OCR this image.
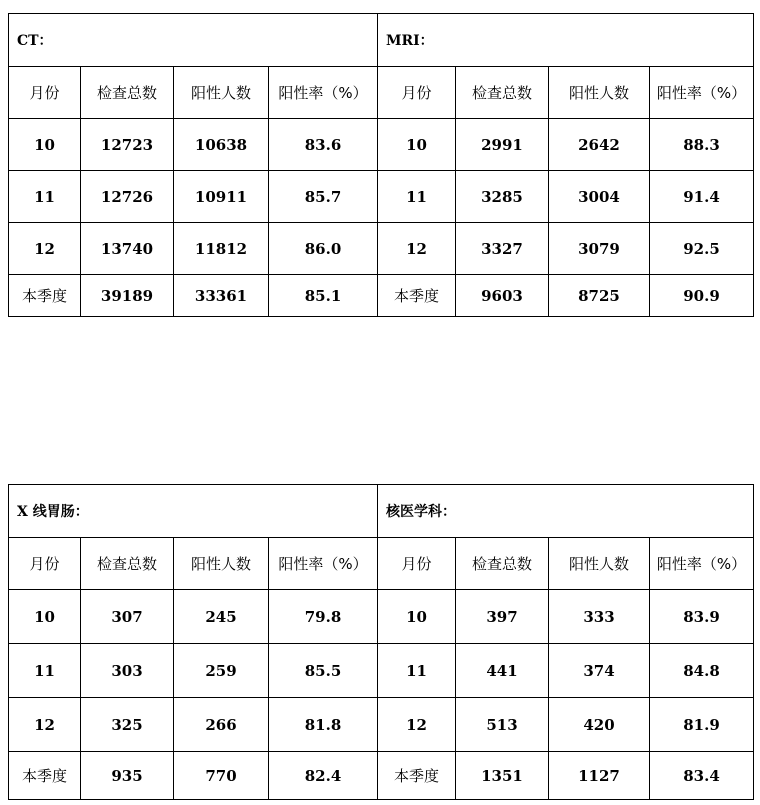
CT：				MRI：			
月份	检查总数	阳性人数	阳性率（%）	月份	检查总数	阳性人数	阳性率（%）
10	12723	10638	83.6	10	2991	2642	88.3
11	12726	10911	85.7	11	3285	3004	91.4
12	13740	11812	86.0	12	3327	3079	92.5
本季度	39189	33361	85.1	本季度	9603	8725	90.9
X 线胃肠：				核医学科：			
月份	检查总数	阳性人数	阳性率（%）	月份	检查总数	阳性人数	阳性率（%）
10	307	245	79.8	10	397	333	83.9
11	303	259	85.5	11	441	374	84.8
12	325	266	81.8	12	513	420	81.9
本季度	935	770	82.4	本季度	1351	1127	83.4
